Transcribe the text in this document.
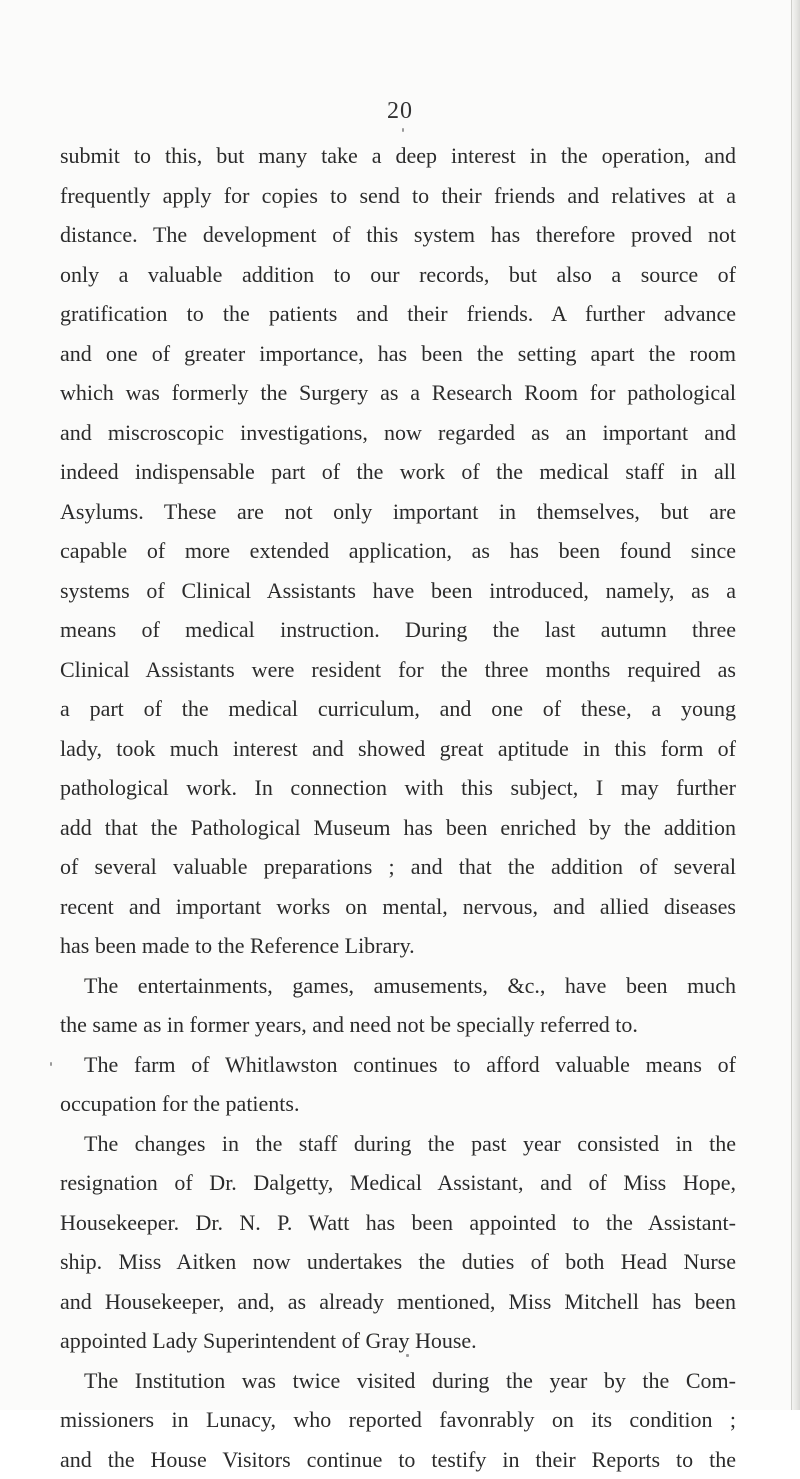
20
submit to this, but many take a deep interest in the operation, and
frequently apply for copies to send to their friends and relatives at a
distance. The development of this system has therefore proved not
only a valuable addition to our records, but also a source of
gratification to the patients and their friends. A further advance
and one of greater importance, has been the setting apart the room
which was formerly the Surgery as a Research Room for pathological
and miscroscopic investigations, now regarded as an important and
indeed indispensable part of the work of the medical staff in all
Asylums. These are not only important in themselves, but are
capable of more extended application, as has been found since
systems of Clinical Assistants have been introduced, namely, as a
means of medical instruction. During the last autumn three
Clinical Assistants were resident for the three months required as
a part of the medical curriculum, and one of these, a young
lady, took much interest and showed great aptitude in this form of
pathological work. In connection with this subject, I may further
add that the Pathological Museum has been enriched by the addition
of several valuable preparations ; and that the addition of several
recent and important works on mental, nervous, and allied diseases
has been made to the Reference Library.
The entertainments, games, amusements, &c., have been much
the same as in former years, and need not be specially referred to.
The farm of Whitlawston continues to afford valuable means of
occupation for the patients.
The changes in the staff during the past year consisted in the
resignation of Dr. Dalgetty, Medical Assistant, and of Miss Hope,
Housekeeper. Dr. N. P. Watt has been appointed to the Assistant-
ship. Miss Aitken now undertakes the duties of both Head Nurse
and Housekeeper, and, as already mentioned, Miss Mitchell has been
appointed Lady Superintendent of Gray House.
The Institution was twice visited during the year by the Com-
missioners in Lunacy, who reported favonrably on its condition ;
and the House Visitors continue to testify in their Reports to the
